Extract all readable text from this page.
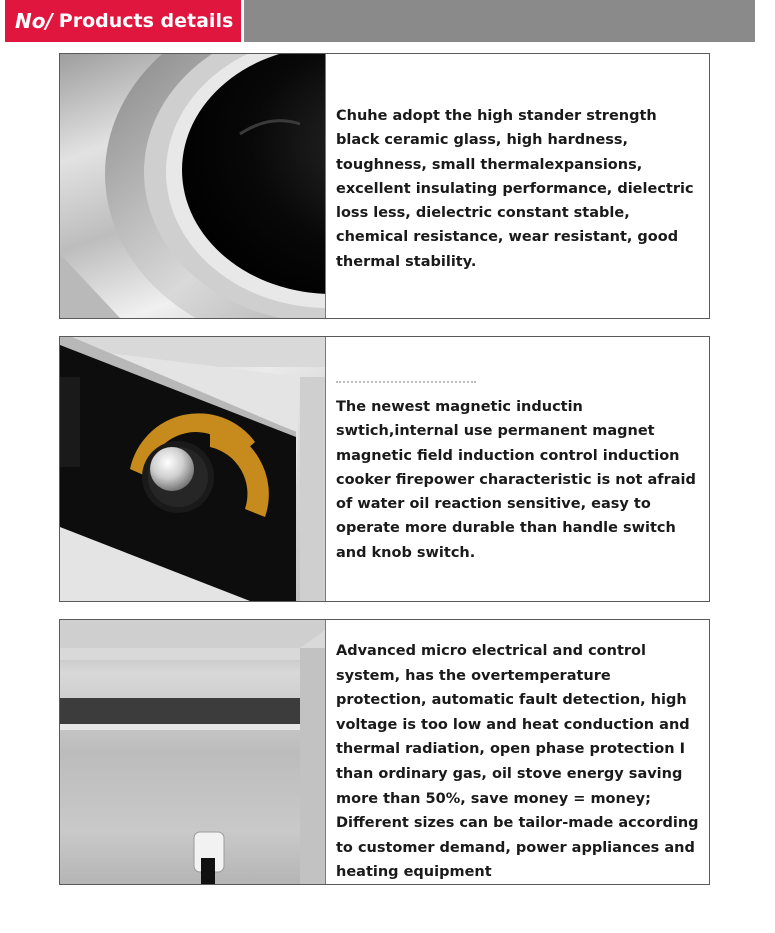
No/ Products details
Chuhe adopt the high stander strength black ceramic glass, high hardness, toughness, small thermalexpansions, excellent insulating performance, dielectric loss less, dielectric constant stable, chemical resistance, wear resistant, good thermal stability.
The newest magnetic inductin swtich,internal use permanent magnet magnetic field induction control induction cooker firepower characteristic is not afraid of water oil reaction sensitive, easy to operate more durable than handle switch and knob switch.
Advanced micro electrical and control system, has the overtemperature protection, automatic fault detection, high voltage is too low and heat conduction and thermal radiation, open phase protection I than ordinary gas, oil stove energy saving more than 50%, save money = money; Different sizes can be tailor-made according to customer demand, power appliances and heating equipment
